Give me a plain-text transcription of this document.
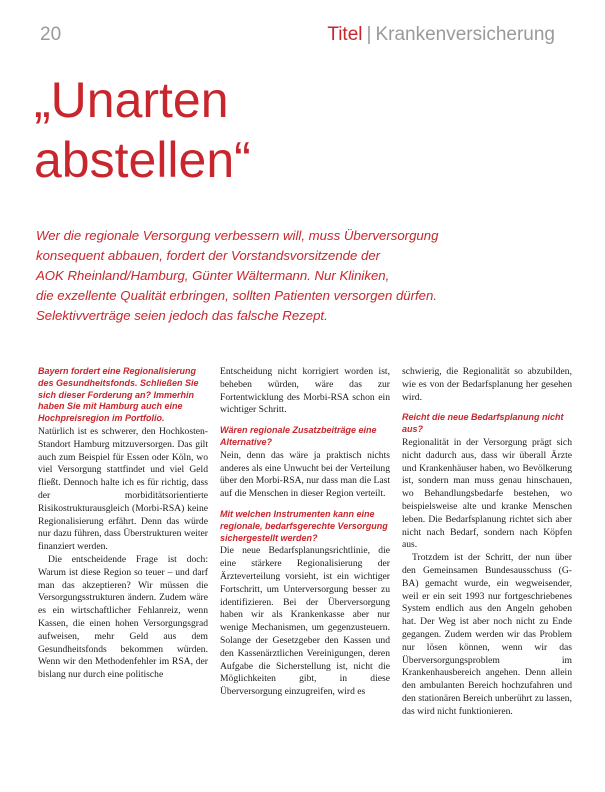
20	Titel | Krankenversicherung
„Unarten
abstellen“

Wer die regionale Versorgung verbessern will, muss Überversorgung
konsequent abbauen, fordert der Vorstandsvorsitzende der
AOK Rheinland/Hamburg, Günter Wältermann. Nur Kliniken,
die exzellente Qualität erbringen, sollten Patienten versorgen dürfen.
Selektivverträge seien jedoch das falsche Rezept.

Bayern fordert eine Regionalisierung des Gesundheitsfonds. Schließen Sie sich dieser Forderung an? Immerhin haben Sie mit Hamburg auch eine Hochpreisregion im Portfolio.

Natürlich ist es schwerer, den Hochkosten-Standort Hamburg mitzuversorgen. Das gilt auch zum Beispiel für Essen oder Köln, wo viel Versorgung stattfindet und viel Geld fließt. Dennoch halte ich es für richtig, dass der morbiditätsorientierte Risikostrukturausgleich (Morbi-RSA) keine Regionalisierung erfährt. Denn das würde nur dazu führen, dass Überstrukturen weiter finanziert werden.

Die entscheidende Frage ist doch: Warum ist diese Region so teuer – und darf man das akzeptieren? Wir müssen die Versorgungsstrukturen ändern. Zudem wäre es ein wirtschaftlicher Fehlanreiz, wenn Kassen, die einen hohen Versorgungsgrad aufweisen, mehr Geld aus dem Gesundheitsfonds bekommen würden. Wenn wir den Methodenfehler im RSA, der bislang nur durch eine politische

Entscheidung nicht korrigiert worden ist, beheben würden, wäre das zur Fortentwicklung des Morbi-RSA schon ein wichtiger Schritt.

Wären regionale Zusatzbeiträge eine Alternative?

Nein, denn das wäre ja praktisch nichts anderes als eine Unwucht bei der Verteilung über den Morbi-RSA, nur dass man die Last auf die Menschen in dieser Region verteilt.

Mit welchen Instrumenten kann eine regionale, bedarfsgerechte Versorgung sichergestellt werden?

Die neue Bedarfsplanungsrichtlinie, die eine stärkere Regionalisierung der Ärzteverteilung vorsieht, ist ein wichtiger Fortschritt, um Unterversorgung besser zu identifizieren. Bei der Überversorgung haben wir als Krankenkasse aber nur wenige Mechanismen, um gegenzusteuern. Solange der Gesetzgeber den Kassen und den Kassenärztlichen Vereinigungen, deren Aufgabe die Sicherstellung ist, nicht die Möglichkeiten gibt, in diese Überversorgung einzugreifen, wird es

schwierig, die Regionalität so abzubilden, wie es von der Bedarfsplanung her gesehen wird.

Reicht die neue Bedarfsplanung nicht aus?

Regionalität in der Versorgung prägt sich nicht dadurch aus, dass wir überall Ärzte und Krankenhäuser haben, wo Bevölkerung ist, sondern man muss genau hinschauen, wo Behandlungsbedarfe bestehen, wo beispielsweise alte und kranke Menschen leben. Die Bedarfsplanung richtet sich aber nicht nach Bedarf, sondern nach Köpfen aus.

Trotzdem ist der Schritt, der nun über den Gemeinsamen Bundesausschuss (G-BA) gemacht wurde, ein wegweisender, weil er ein seit 1993 nur fortgeschriebenes System endlich aus den Angeln gehoben hat. Der Weg ist aber noch nicht zu Ende gegangen. Zudem werden wir das Problem nur lösen können, wenn wir das Überversorgungsproblem im Krankenhausbereich angehen. Denn allein den ambulanten Bereich hochzufahren und den stationären Bereich unberührt zu lassen, das wird nicht funktionieren.
